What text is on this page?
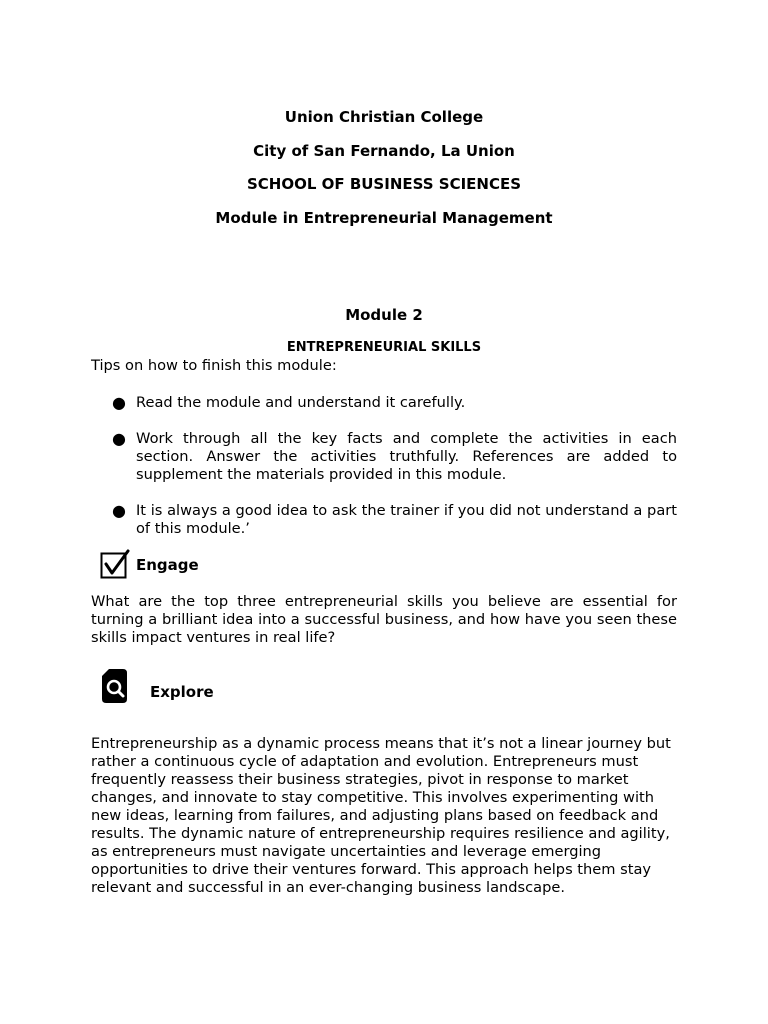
Union Christian College
City of San Fernando, La Union
SCHOOL OF BUSINESS SCIENCES
Module in Entrepreneurial Management
Module 2
ENTREPRENEURIAL SKILLS
Tips on how to finish this module:
● Read the module and understand it carefully.
● Work through all the key facts and complete the activities in each section. Answer the activities truthfully. References are added to supplement the materials provided in this module.
● It is always a good idea to ask the trainer if you did not understand a part of this module.’
Engage
What are the top three entrepreneurial skills you believe are essential for turning a brilliant idea into a successful business, and how have you seen these skills impact ventures in real life?
Explore
Entrepreneurship as a dynamic process means that it’s not a linear journey but rather a continuous cycle of adaptation and evolution. Entrepreneurs must frequently reassess their business strategies, pivot in response to market changes, and innovate to stay competitive. This involves experimenting with new ideas, learning from failures, and adjusting plans based on feedback and results. The dynamic nature of entrepreneurship requires resilience and agility, as entrepreneurs must navigate uncertainties and leverage emerging opportunities to drive their ventures forward. This approach helps them stay relevant and successful in an ever-changing business landscape.
